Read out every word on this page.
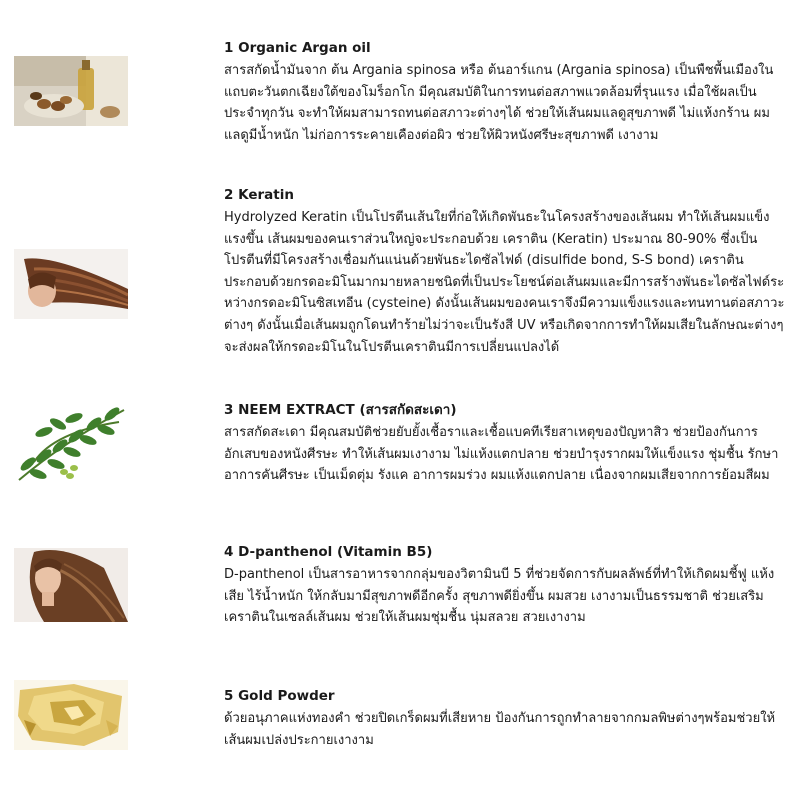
1 Organic Argan oil

สารสกัดน้ำมันจาก ต้น Argania spinosa หรือ ต้นอาร์แกน (Argania spinosa) เป็นพืชพื้นเมืองในแถบตะวันตกเฉียงใต้ของโมร็อกโก มีคุณสมบัติในการทนต่อสภาพแวดล้อมที่รุนแรง เมื่อใช้ผลเป็นประจำทุกวัน จะทำให้ผมสามารถทนต่อสภาวะต่างๆได้ ช่วยให้เส้นผมแลดูสุขภาพดี ไม่แห้งกร้าน ผมแลดูมีน้ำหนัก ไม่ก่อการระคายเคืองต่อผิว ช่วยให้ผิวหนังศรีษะสุขภาพดี เงางาม

2 Keratin

Hydrolyzed Keratin เป็นโปรตีนเส้นใยที่ก่อให้เกิดพันธะในโครงสร้างของเส้นผม ทำให้เส้นผมแข็งแรงขึ้น เส้นผมของคนเราส่วนใหญ่จะประกอบด้วย เคราติน (Keratin) ประมาณ 80-90% ซึ่งเป็นโปรตีนที่มีโครงสร้างเชื่อมกันแน่นด้วยพันธะไดซัลไฟด์ (disulfide bond, S-S bond) เคราตินประกอบด้วยกรดอะมิโนมากมายหลายชนิดที่เป็นประโยชน์ต่อเส้นผมและมีการสร้างพันธะไดซัลไฟด์ระหว่างกรดอะมิโนซิสเทอีน (cysteine) ดังนั้นเส้นผมของคนเราจึงมีความแข็งแรงและทนทานต่อสภาวะต่างๆ ดังนั้นเมื่อเส้นผมถูกโดนทำร้ายไม่ว่าจะเป็นรังสี UV หรือเกิดจากการทำให้ผมเสียในลักษณะต่างๆ จะส่งผลให้กรดอะมิโนในโปรตีนเคราตินมีการเปลี่ยนแปลงได้

3 NEEM EXTRACT (สารสกัดสะเดา)

สารสกัดสะเดา มีคุณสมบัติช่วยยับยั้งเชื้อราและเชื้อแบคทีเรียสาเหตุของปัญหาสิว ช่วยป้องกันการอักเสบของหนังศีรษะ ทำให้เส้นผมเงางาม ไม่แห้งแตกปลาย ช่วยบำรุงรากผมให้แข็งแรง ชุ่มชื้น รักษาอาการคันศีรษะ เป็นเม็ดตุ่ม รังแค อาการผมร่วง ผมแห้งแตกปลาย เนื่องจากผมเสียจากการย้อมสีผม

4 D-panthenol (Vitamin B5)

D-panthenol เป็นสารอาหารจากกลุ่มของวิตามินบี 5 ที่ช่วยจัดการกับผลลัพธ์ที่ทำให้เกิดผมชี้ฟู แห้งเสีย ไร้น้ำหนัก ให้กลับมามีสุขภาพดีอีกครั้ง สุขภาพดียิ่งขึ้น ผมสวย เงางามเป็นธรรมชาติ ช่วยเสริมเคราตินในเซลล์เส้นผม ช่วยให้เส้นผมชุ่มชื้น นุ่มสลวย สวยเงางาม

5 Gold Powder

ด้วยอนุภาคแห่งทองคำ ช่วยปิดเกร็ดผมที่เสียหาย ป้องกันการถูกทำลายจากกมลพิษต่างๆพร้อมช่วยให้เส้นผมเปล่งประกายเงางาม
